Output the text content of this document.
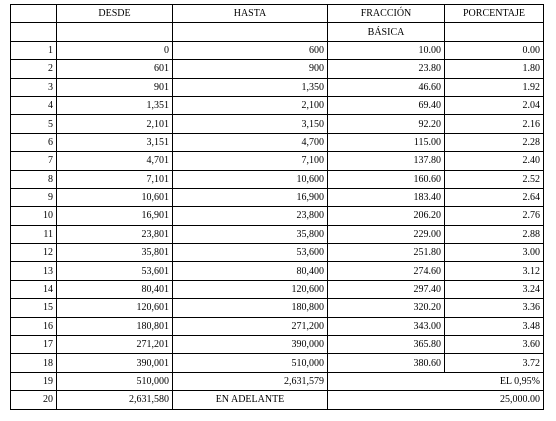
	DESDE	HASTA	FRACCIÓN	PORCENTAJE
			BÁSICA	
1	0	600	10.00	0.00
2	601	900	23.80	1.80
3	901	1,350	46.60	1.92
4	1,351	2,100	69.40	2.04
5	2,101	3,150	92.20	2.16
6	3,151	4,700	115.00	2.28
7	4,701	7,100	137.80	2.40
8	7,101	10,600	160.60	2.52
9	10,601	16,900	183.40	2.64
10	16,901	23,800	206.20	2.76
11	23,801	35,800	229.00	2.88
12	35,801	53,600	251.80	3.00
13	53,601	80,400	274.60	3.12
14	80,401	120,600	297.40	3.24
15	120,601	180,800	320.20	3.36
16	180,801	271,200	343.00	3.48
17	271,201	390,000	365.80	3.60
18	390,001	510,000	380.60	3.72
19	510,000	2,631,579	EL 0,95%	
20	2,631,580	EN ADELANTE	25,000.00	
